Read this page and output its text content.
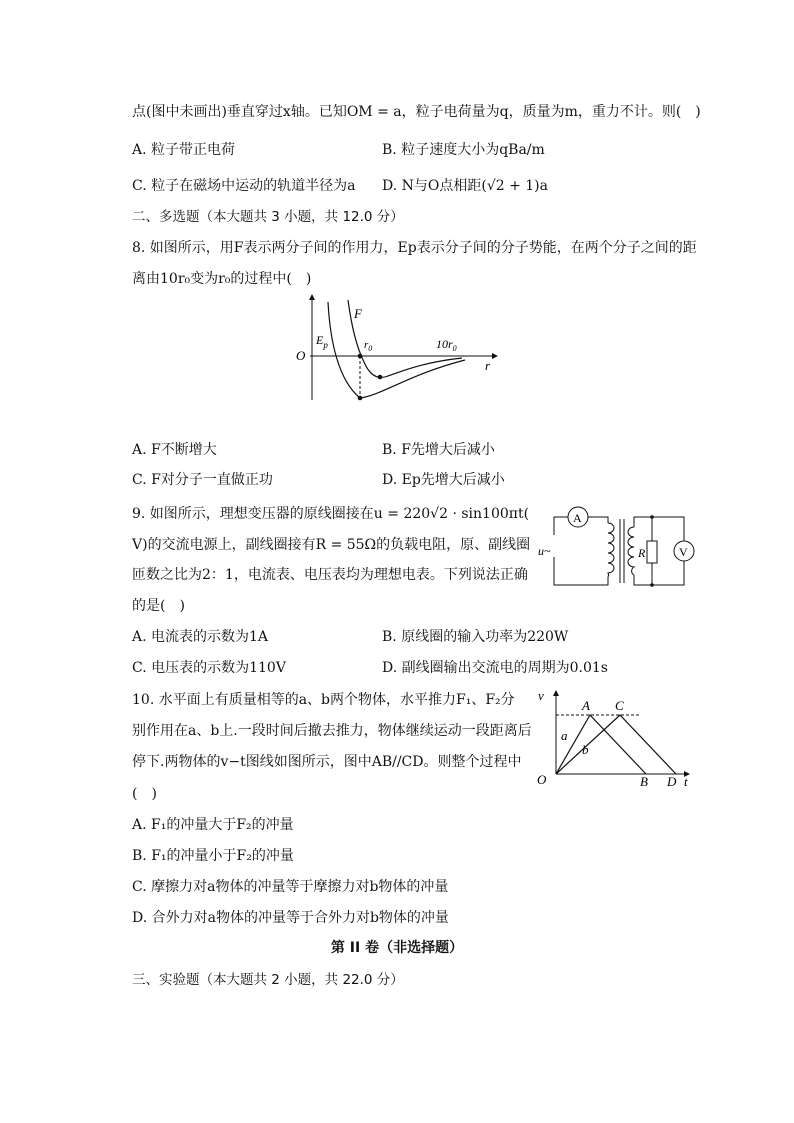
点(图中未画出)垂直穿过x轴。已知OM = a，粒子电荷量为q，质量为m，重力不计。则(　)
A. 粒子带正电荷	B. 粒子速度大小为qBa/m
C. 粒子在磁场中运动的轨道半径为a D. N与O点相距(√2 + 1)a
二、多选题（本大题共 3 小题，共 12.0 分）
8. 如图所示，用F表示两分子间的作用力，Ep表示分子间的分子势能，在两个分子之间的距
离由10r₀变为r₀的过程中(　)
F
$E_p$
O
$r_0$	$10r_0$
r
A. F不断增大	B. F先增大后减小
C. F对分子一直做正功	D. Ep先增大后减小
9. 如图所示，理想变压器的原线圈接在u = 220√2 · sin100πt(
V)的交流电源上，副线圈接有R = 55Ω的负载电阻，原、副线圈
匝数之比为2：1，电流表、电压表均为理想电表。下列说法正确
的是(　)
A
u~	R	V
A. 电流表的示数为1A	B. 原线圈的输入功率为220W
C. 电压表的示数为110V	D. 副线圈输出交流电的周期为0.01s
10. 水平面上有质量相等的a、b两个物体，水平推力F₁、F₂分
别作用在a、b上.一段时间后撤去推力，物体继续运动一段距离后
停下.两物体的v−t图线如图所示，图中AB//CD。则整个过程中
(　)
v
t
O
A C
B D
a
b
A. F₁的冲量大于F₂的冲量
B. F₁的冲量小于F₂的冲量
C. 摩擦力对a物体的冲量等于摩擦力对b物体的冲量
D. 合外力对a物体的冲量等于合外力对b物体的冲量
第 II 卷（非选择题）
三、实验题（本大题共 2 小题，共 22.0 分）
